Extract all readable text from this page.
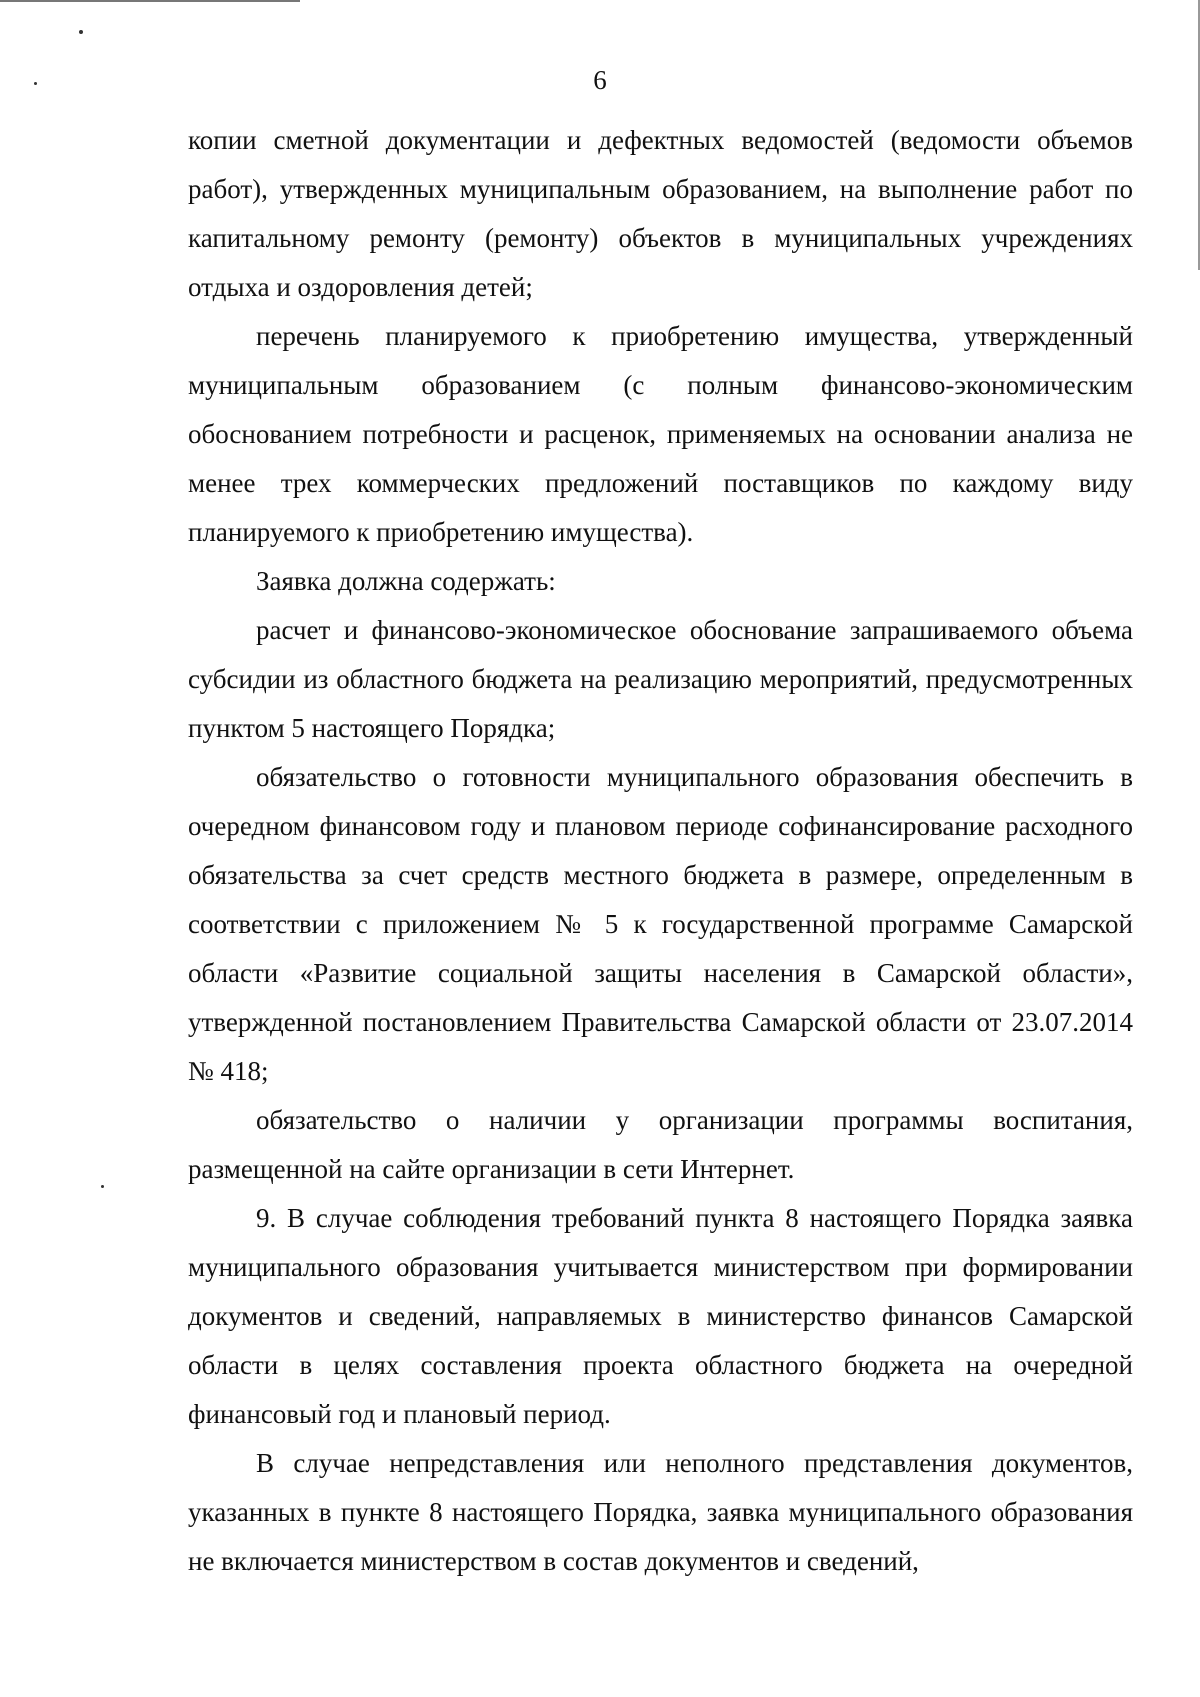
6

копии сметной документации и дефектных ведомостей (ведомости объемов работ), утвержденных муниципальным образованием, на выполнение работ по капитальному ремонту (ремонту) объектов в муниципальных учреждениях отдыха и оздоровления детей;

перечень планируемого к приобретению имущества, утвержденный муниципальным образованием (с полным финансово-экономическим обоснованием потребности и расценок, применяемых на основании анализа не менее трех коммерческих предложений поставщиков по каждому виду планируемого к приобретению имущества).

Заявка должна содержать:

расчет и финансово-экономическое обоснование запрашиваемого объема субсидии из областного бюджета на реализацию мероприятий, предусмотренных пунктом 5 настоящего Порядка;

обязательство о готовности муниципального образования обеспечить в очередном финансовом году и плановом периоде софинансирование расходного обязательства за счет средств местного бюджета в размере, определенным в соответствии с приложением № 5 к государственной программе Самарской области «Развитие социальной защиты населения в Самарской области», утвержденной постановлением Правительства Самарской области от 23.07.2014 № 418;

обязательство о наличии у организации программы воспитания, размещенной на сайте организации в сети Интернет.

9. В случае соблюдения требований пункта 8 настоящего Порядка заявка муниципального образования учитывается министерством при формировании документов и сведений, направляемых в министерство финансов Самарской области в целях составления проекта областного бюджета на очередной финансовый год и плановый период.

В случае непредставления или неполного представления документов, указанных в пункте 8 настоящего Порядка, заявка муниципального образования не включается министерством в состав документов и сведений,
